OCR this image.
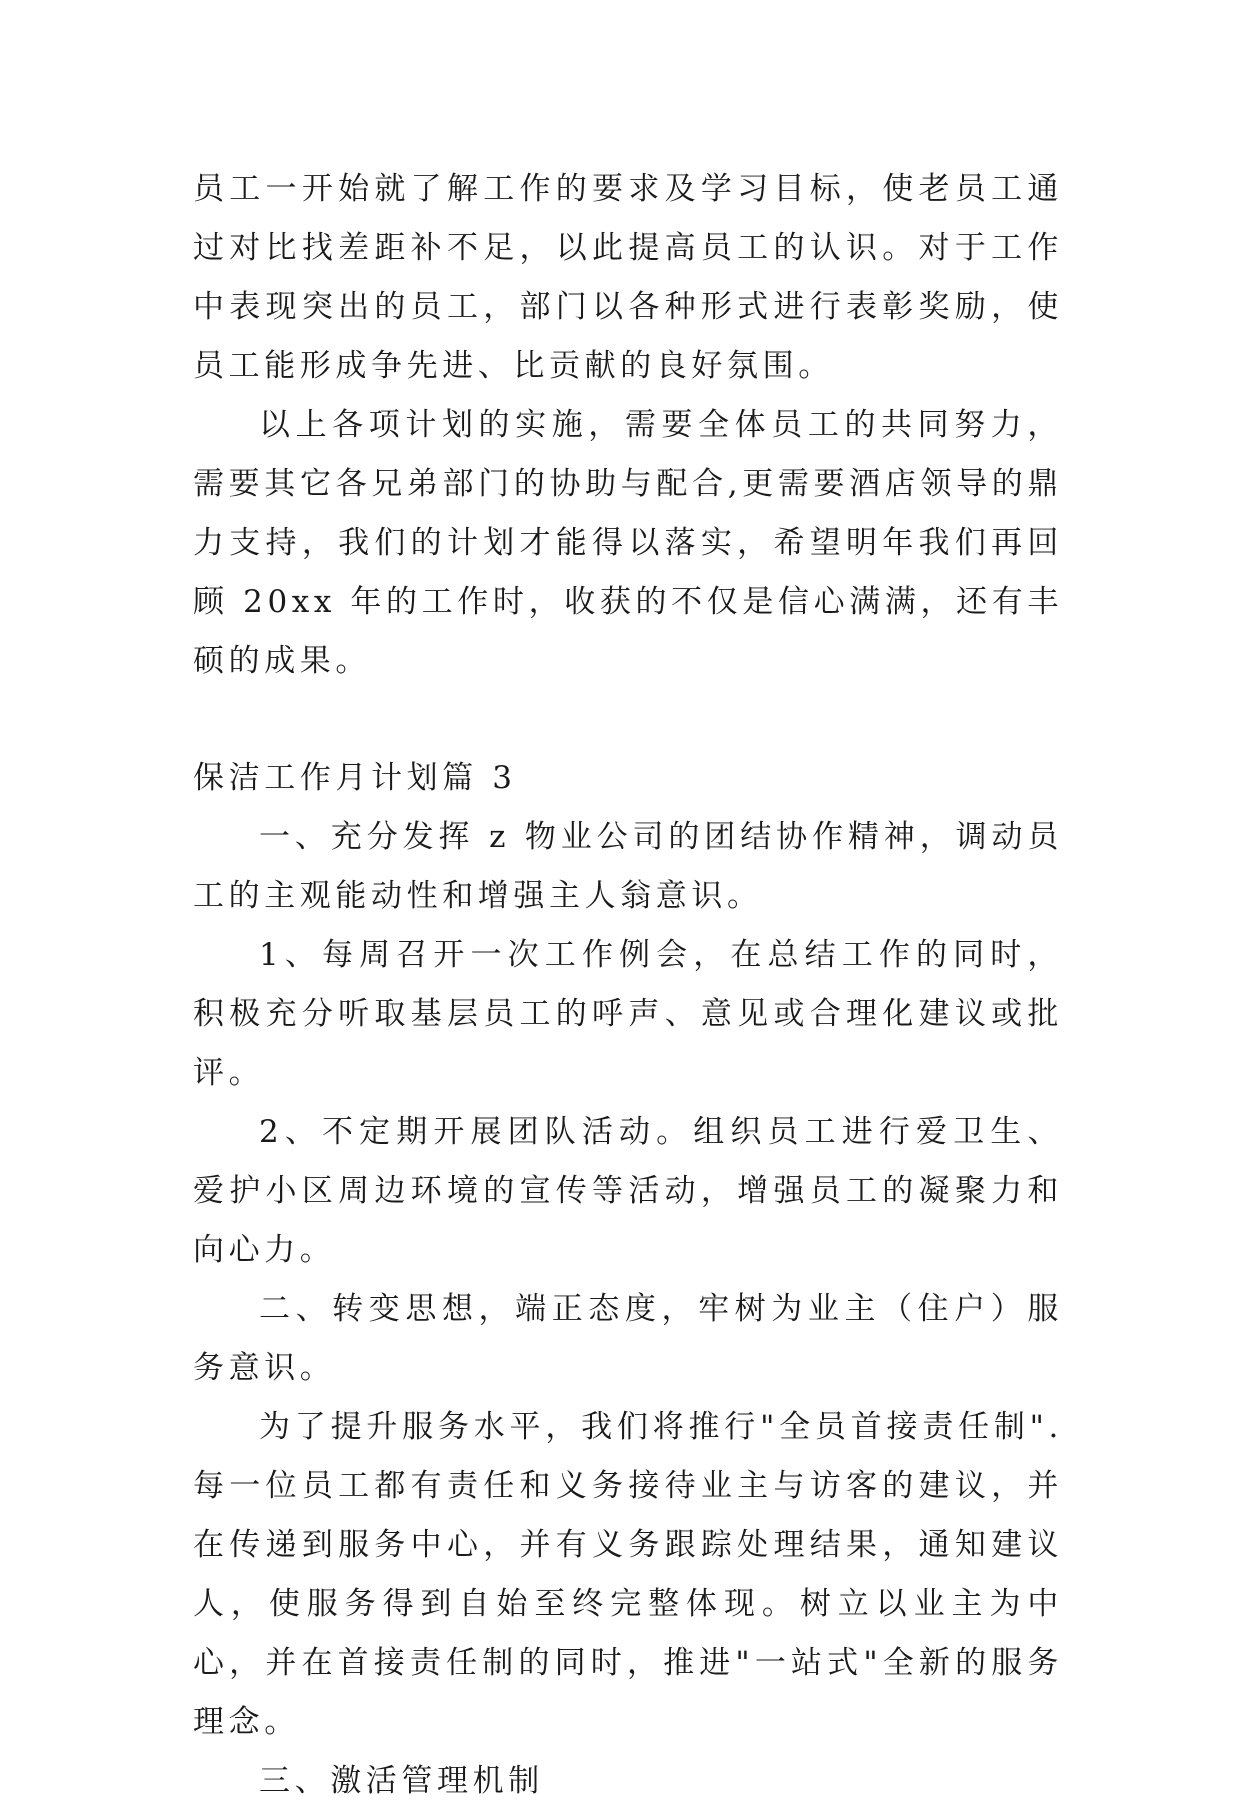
员工一开始就了解工作的要求及学习目标，使老员工通过对比找差距补不足，以此提高员工的认识。对于工作中表现突出的员工，部门以各种形式进行表彰奖励，使员工能形成争先进、比贡献的良好氛围。

以上各项计划的实施，需要全体员工的共同努力，需要其它各兄弟部门的协助与配合,更需要酒店领导的鼎力支持，我们的计划才能得以落实，希望明年我们再回顾 20xx 年的工作时，收获的不仅是信心满满，还有丰硕的成果。

保洁工作月计划篇 3

一、充分发挥 z 物业公司的团结协作精神，调动员工的主观能动性和增强主人翁意识。

1、每周召开一次工作例会，在总结工作的同时，积极充分听取基层员工的呼声、意见或合理化建议或批评。

2、不定期开展团队活动。组织员工进行爱卫生、爱护小区周边环境的宣传等活动，增强员工的凝聚力和向心力。

二、转变思想，端正态度，牢树为业主（住户）服务意识。

为了提升服务水平，我们将推行"全员首接责任制".每一位员工都有责任和义务接待业主与访客的建议，并在传递到服务中心，并有义务跟踪处理结果，通知建议人，使服务得到自始至终完整体现。树立以业主为中心，并在首接责任制的同时，推进"一站式"全新的服务理念。

三、激活管理机制
